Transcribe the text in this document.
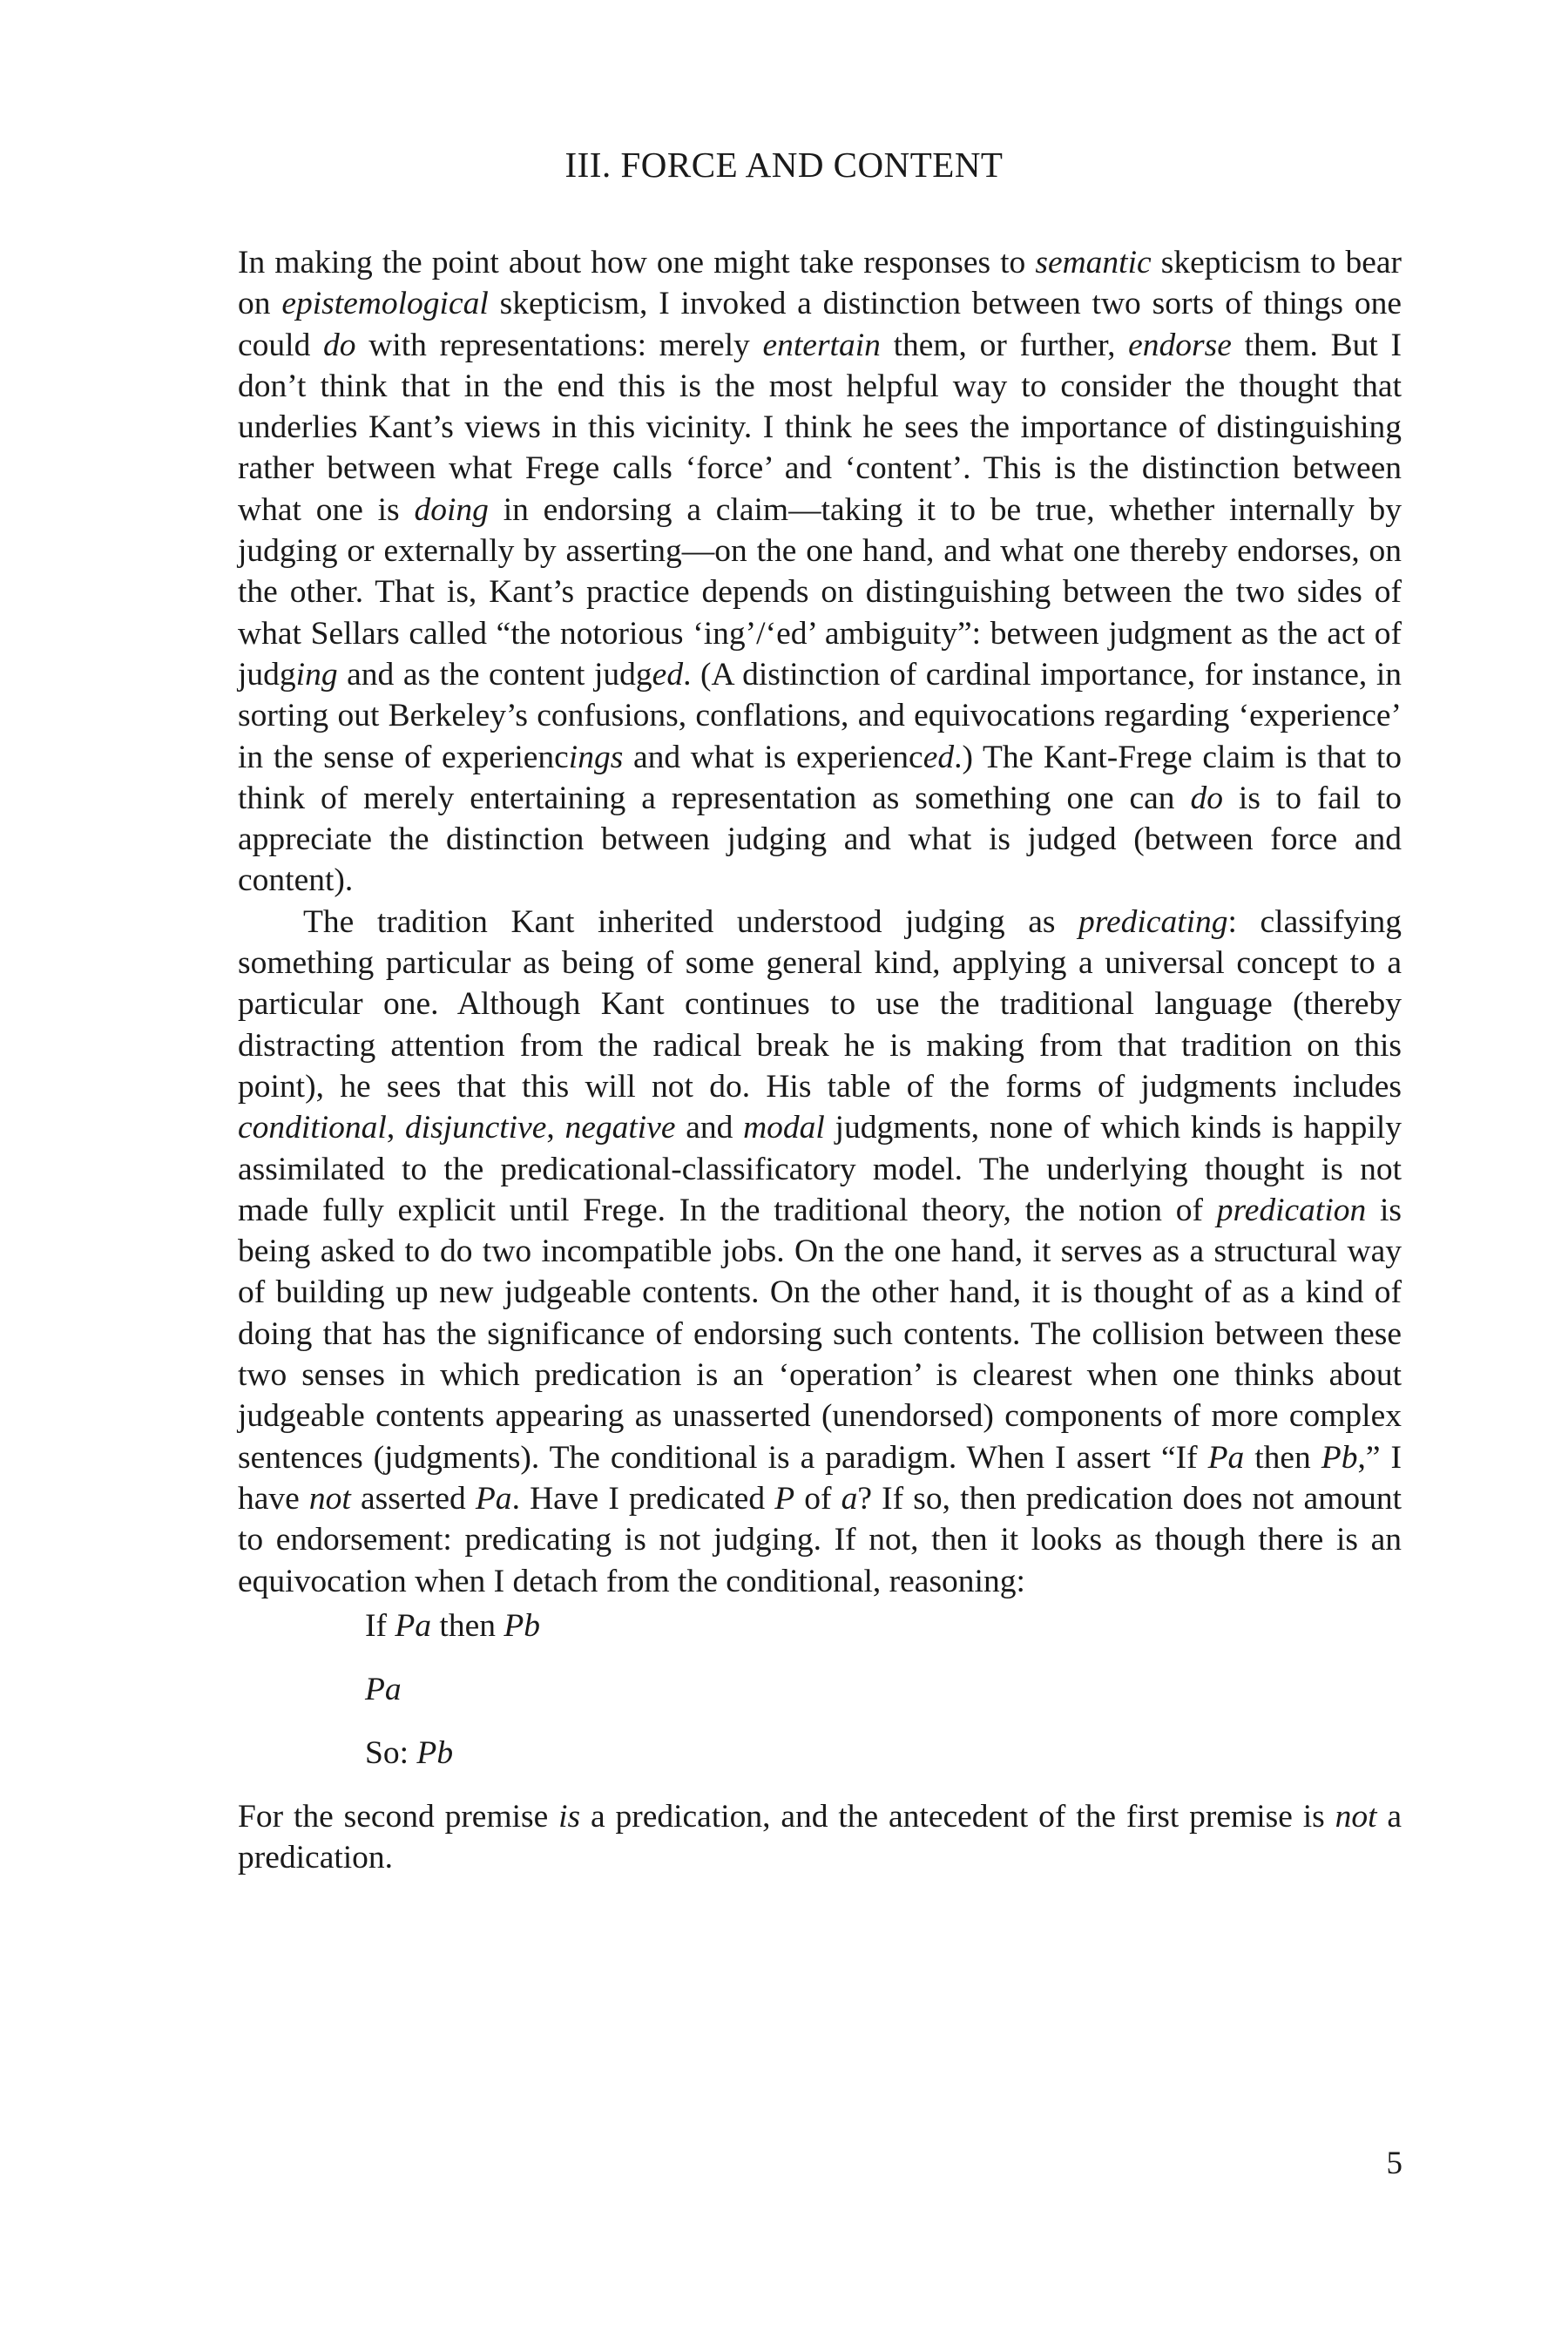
III. FORCE AND CONTENT

In making the point about how one might take responses to semantic skepticism to bear on epistemological skepticism, I invoked a distinction between two sorts of things one could do with representations: merely entertain them, or further, endorse them. But I don’t think that in the end this is the most helpful way to consider the thought that underlies Kant’s views in this vicinity. I think he sees the importance of distinguishing rather between what Frege calls ‘force’ and ‘content’. This is the distinction between what one is doing in endorsing a claim—taking it to be true, whether internally by judging or externally by asserting—on the one hand, and what one thereby endorses, on the other. That is, Kant’s practice depends on distinguishing between the two sides of what Sellars called “the notorious ‘ing’/‘ed’ ambiguity”: between judgment as the act of judging and as the content judged. (A distinction of cardinal importance, for instance, in sorting out Berkeley’s confusions, conflations, and equivocations regarding ‘experience’ in the sense of experiencings and what is experienced.) The Kant-Frege claim is that to think of merely entertaining a representation as something one can do is to fail to appreciate the distinction between judging and what is judged (between force and content).

The tradition Kant inherited understood judging as predicating: classifying something particular as being of some general kind, applying a universal concept to a particular one. Although Kant continues to use the traditional language (thereby distracting attention from the radical break he is making from that tradition on this point), he sees that this will not do. His table of the forms of judgments includes conditional, disjunctive, negative and modal judgments, none of which kinds is happily assimilated to the predicational-classificatory model. The underlying thought is not made fully explicit until Frege. In the traditional theory, the notion of predication is being asked to do two incompatible jobs. On the one hand, it serves as a structural way of building up new judgeable contents. On the other hand, it is thought of as a kind of doing that has the significance of endorsing such contents. The collision between these two senses in which predication is an ‘operation’ is clearest when one thinks about judgeable contents appearing as unasserted (unendorsed) components of more complex sentences (judgments). The conditional is a paradigm. When I assert “If Pa then Pb,” I have not asserted Pa. Have I predicated P of a? If so, then predication does not amount to endorsement: predicating is not judging. If not, then it looks as though there is an equivocation when I detach from the conditional, reasoning:

If Pa then Pb
Pa
So: Pb

For the second premise is a predication, and the antecedent of the first premise is not a predication.

5
